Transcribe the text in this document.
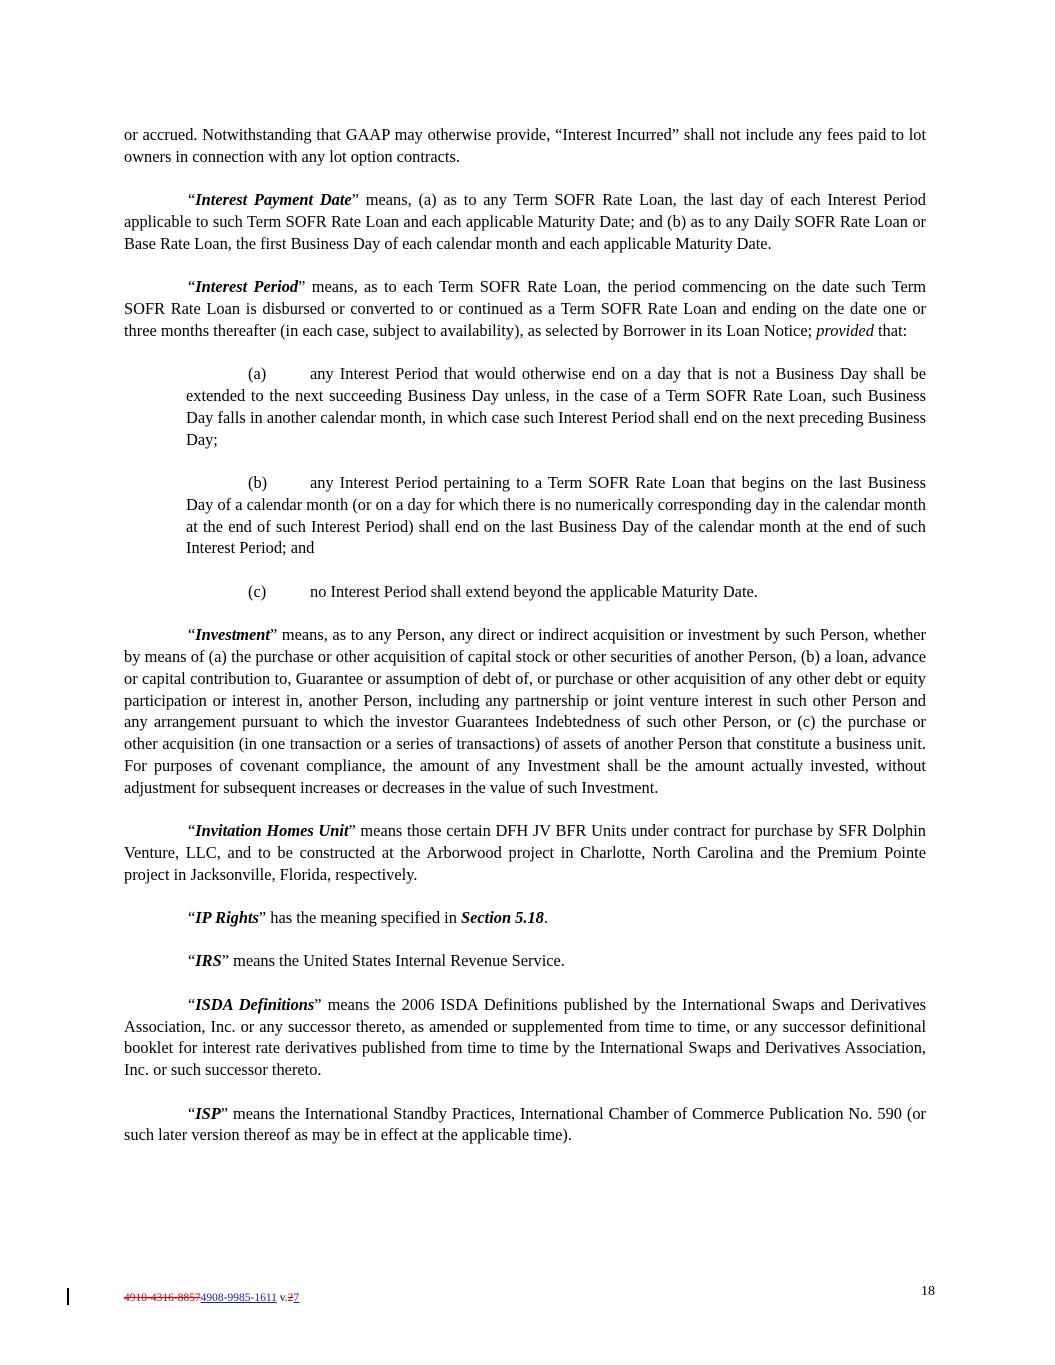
or accrued. Notwithstanding that GAAP may otherwise provide, “Interest Incurred” shall not include any fees paid to lot owners in connection with any lot option contracts.

“Interest Payment Date” means, (a) as to any Term SOFR Rate Loan, the last day of each Interest Period applicable to such Term SOFR Rate Loan and each applicable Maturity Date; and (b) as to any Daily SOFR Rate Loan or Base Rate Loan, the first Business Day of each calendar month and each applicable Maturity Date.

“Interest Period” means, as to each Term SOFR Rate Loan, the period commencing on the date such Term SOFR Rate Loan is disbursed or converted to or continued as a Term SOFR Rate Loan and ending on the date one or three months thereafter (in each case, subject to availability), as selected by Borrower in its Loan Notice; provided that:

(a)	any Interest Period that would otherwise end on a day that is not a Business Day shall be extended to the next succeeding Business Day unless, in the case of a Term SOFR Rate Loan, such Business Day falls in another calendar month, in which case such Interest Period shall end on the next preceding Business Day;

(b)	any Interest Period pertaining to a Term SOFR Rate Loan that begins on the last Business Day of a calendar month (or on a day for which there is no numerically corresponding day in the calendar month at the end of such Interest Period) shall end on the last Business Day of the calendar month at the end of such Interest Period; and

(c)	no Interest Period shall extend beyond the applicable Maturity Date.

“Investment” means, as to any Person, any direct or indirect acquisition or investment by such Person, whether by means of (a) the purchase or other acquisition of capital stock or other securities of another Person, (b) a loan, advance or capital contribution to, Guarantee or assumption of debt of, or purchase or other acquisition of any other debt or equity participation or interest in, another Person, including any partnership or joint venture interest in such other Person and any arrangement pursuant to which the investor Guarantees Indebtedness of such other Person, or (c) the purchase or other acquisition (in one transaction or a series of transactions) of assets of another Person that constitute a business unit. For purposes of covenant compliance, the amount of any Investment shall be the amount actually invested, without adjustment for subsequent increases or decreases in the value of such Investment.

“Invitation Homes Unit” means those certain DFH JV BFR Units under contract for purchase by SFR Dolphin Venture, LLC, and to be constructed at the Arborwood project in Charlotte, North Carolina and the Premium Pointe project in Jacksonville, Florida, respectively.

“IP Rights” has the meaning specified in Section 5.18.

“IRS” means the United States Internal Revenue Service.

“ISDA Definitions” means the 2006 ISDA Definitions published by the International Swaps and Derivatives Association, Inc. or any successor thereto, as amended or supplemented from time to time, or any successor definitional booklet for interest rate derivatives published from time to time by the International Swaps and Derivatives Association, Inc. or such successor thereto.

“ISP” means the International Standby Practices, International Chamber of Commerce Publication No. 590 (or such later version thereof as may be in effect at the applicable time).

4910-4316-88574908-9985-1611 v.27	18
